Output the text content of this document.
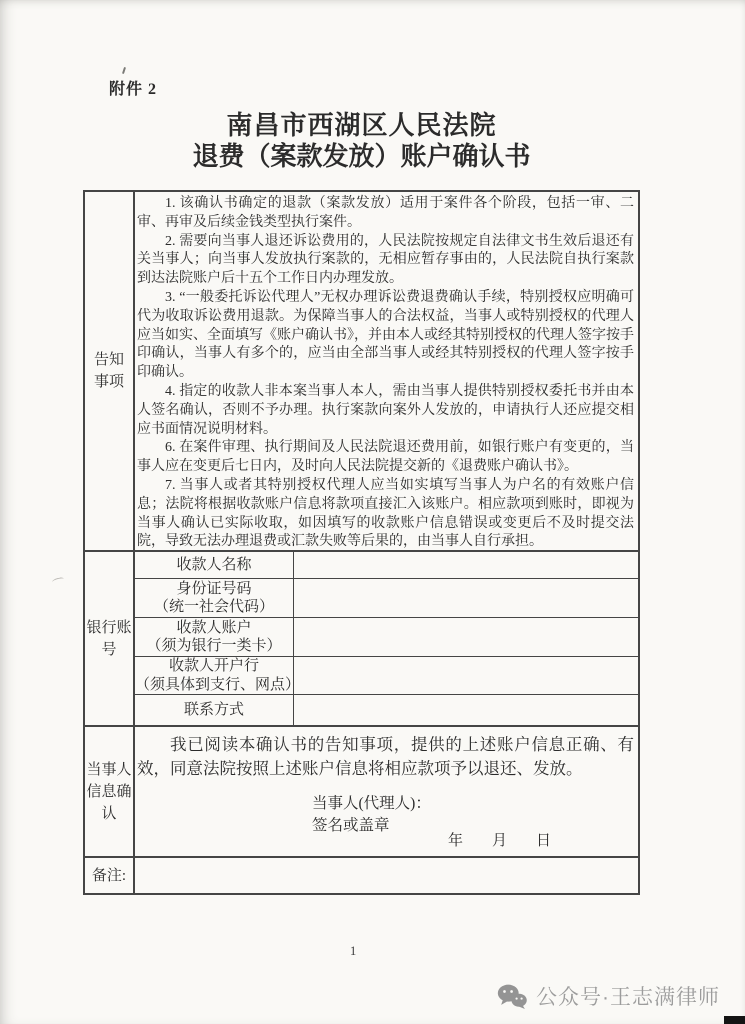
附件 2
南昌市西湖区人民法院
退费（案款发放）账户确认书
告知事项

1. 该确认书确定的退款（案款发放）适用于案件各个阶段，包括一审、二审、再审及后续金钱类型执行案件。

2. 需要向当事人退还诉讼费用的，人民法院按规定自法律文书生效后退还有关当事人；向当事人发放执行案款的，无相应暂存事由的，人民法院自执行案款到达法院账户后十五个工作日内办理发放。

3. “一般委托诉讼代理人”无权办理诉讼费退费确认手续，特别授权应明确可代为收取诉讼费用退款。为保障当事人的合法权益，当事人或特别授权的代理人应当如实、全面填写《账户确认书》，并由本人或经其特别授权的代理人签字按手印确认，当事人有多个的，应当由全部当事人或经其特别授权的代理人签字按手印确认。

4. 指定的收款人非本案当事人本人，需由当事人提供特别授权委托书并由本人签名确认，否则不予办理。执行案款向案外人发放的，申请执行人还应提交相应书面情况说明材料。

6. 在案件审理、执行期间及人民法院退还费用前，如银行账户有变更的，当事人应在变更后七日内，及时向人民法院提交新的《退费账户确认书》。

7. 当事人或者其特别授权代理人应当如实填写当事人为户名的有效账户信息；法院将根据收款账户信息将款项直接汇入该账户。相应款项到账时，即视为当事人确认已实际收取，如因填写的收款账户信息错误或变更后不及时提交法院，导致无法办理退费或汇款失败等后果的，由当事人自行承担。

银行账号
收款人名称
身份证号码
（统一社会代码）
收款人账户
（须为银行一类卡）
收款人开户行
（须具体到支行、网点）
联系方式
当事人信息确认

我已阅读本确认书的告知事项，提供的上述账户信息正确、有效，同意法院按照上述账户信息将相应款项予以退还、发放。

当事人(代理人)：
签名或盖章
年　月　日
备注:
1
公众号·王志满律师
